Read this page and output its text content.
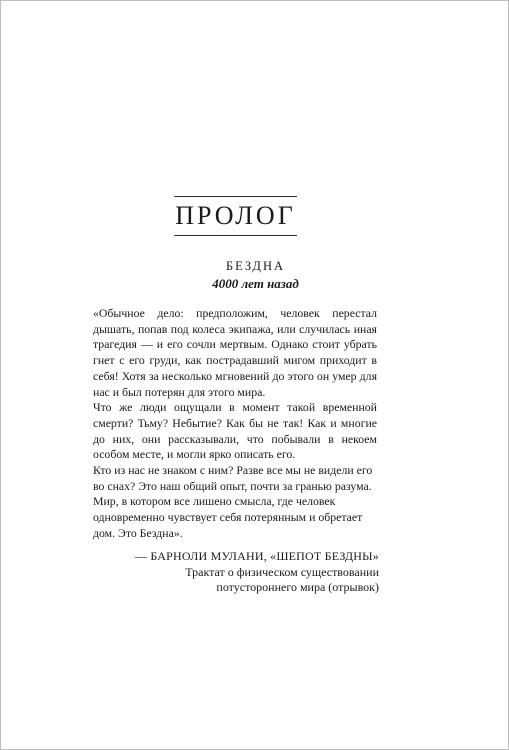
ПРОЛОГ
БЕЗДНА
4000 лет назад

«Обычное дело: предположим, человек перестал дышать, попав под колеса экипажа, или случилась иная трагедия — и его сочли мертвым. Однако стоит убрать гнет с его груди, как пострадавший мигом приходит в себя! Хотя за несколько мгновений до этого он умер для нас и был потерян для этого мира.

Что же люди ощущали в момент такой временной смерти? Тьму? Небытие? Как бы не так! Как и многие до них, они рассказывали, что побывали в некоем особом месте, и могли ярко описать его.

Кто из нас не знаком с ним? Разве все мы не видели его во снах? Это наш общий опыт, почти за гранью разума. Мир, в котором все лишено смысла, где человек одновременно чувствует себя потерянным и обретает дом. Это Бездна».

— БАРНОЛИ МУЛАНИ, «ШЕПОТ БЕЗДНЫ»
Трактат о физическом существовании
потустороннего мира (отрывок)
